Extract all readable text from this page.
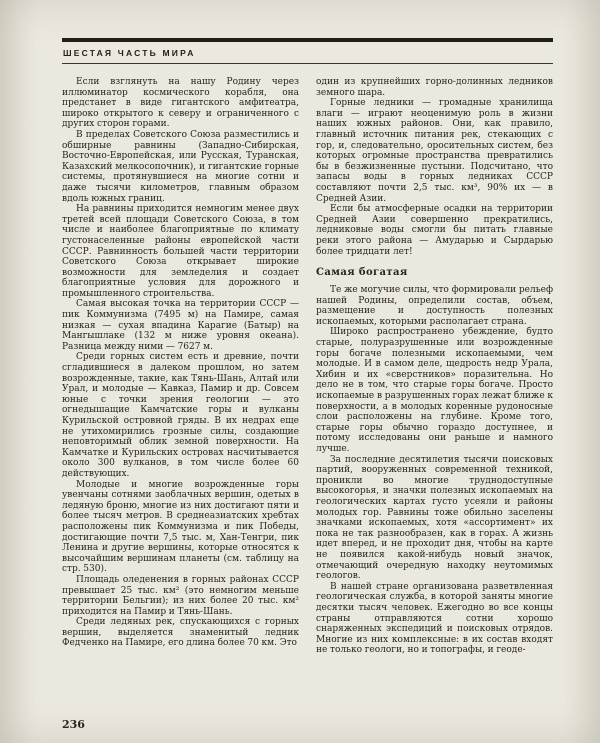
ШЕСТАЯ ЧАСТЬ МИРА

Если взглянуть на нашу Родину через иллюминатор космического корабля, она предстанет в виде гигантского амфитеатра, широко открытого к северу и ограниченного с других сторон горами.

В пределах Советского Союза разместились и обширные равнины (Западно-Сибирская, Восточно-Европейская, или Русская, Туранская, Казахский мелкосопочник), и гигантские горные системы, протянувшиеся на многие сотни и даже тысячи километров, главным образом вдоль южных границ.

На равнины приходится немногим менее двух третей всей площади Советского Союза, в том числе и наиболее благоприятные по климату густонаселенные районы европейской части СССР. Равнинность большей части территории Советского Союза открывает широкие возможности для земледелия и создает благоприятные условия для дорожного и промышленного строительства.

Самая высокая точка на территории СССР — пик Коммунизма (7495 м) на Памире, самая низкая — сухая впадина Карагие (Батыр) на Мангышлаке (132 м ниже уровня океана). Разница между ними — 7627 м.

Среди горных систем есть и древние, почти сгладившиеся в далеком прошлом, но затем возрожденные, такие, как Тянь-Шань, Алтай или Урал, и молодые — Кавказ, Памир и др. Совсем юные с точки зрения геологии — это огнедышащие Камчатские горы и вулканы Курильской островной гряды. В их недрах еще не утихомирились грозные силы, создающие неповторимый облик земной поверхности. На Камчатке и Курильских островах насчитывается около 300 вулканов, в том числе более 60 действующих.

Молодые и многие возрожденные горы увенчаны сотнями заоблачных вершин, одетых в ледяную броню, многие из них достигают пяти и более тысяч метров. В среднеазиатских хребтах расположены пик Коммунизма и пик Победы, достигающие почти 7,5 тыс. м, Хан-Тенгри, пик Ленина и другие вершины, которые относятся к высочайшим вершинам планеты (см. таблицу на стр. 530).

Площадь оледенения в горных районах СССР превышает 25 тыс. км² (это немногим меньше территории Бельгии); из них более 20 тыс. км² приходится на Памир и Тянь-Шань.

Среди ледяных рек, спускающихся с горных вершин, выделяется знаменитый ледник Федченко на Памире, его длина более 70 км. Это

один из крупнейших горно-долинных ледников земного шара.

Горные ледники — громадные хранилища влаги — играют неоценимую роль в жизни наших южных районов. Они, как правило, главный источник питания рек, стекающих с гор, и, следовательно, оросительных систем, без которых огромные пространства превратились бы в безжизненные пустыни. Подсчитано, что запасы воды в горных ледниках СССР составляют почти 2,5 тыс. км³, 90% их — в Средней Азии.

Если бы атмосферные осадки на территории Средней Азии совершенно прекратились, ледниковые воды смогли бы питать главные реки этого района — Амударью и Сырдарью более тридцати лет!

Самая богатая

Те же могучие силы, что формировали рельеф нашей Родины, определили состав, объем, размещение и доступность полезных ископаемых, которыми располагает страна.

Широко распространено убеждение, будто старые, полуразрушенные или возрожденные горы богаче полезными ископаемыми, чем молодые. И в самом деле, щедрость недр Урала, Хибин и их «сверстников» поразительна. Но дело не в том, что старые горы богаче. Просто ископаемые в разрушенных горах лежат ближе к поверхности, а в молодых коренные рудоносные слои расположены на глубине. Кроме того, старые горы обычно гораздо доступнее, и потому исследованы они раньше и намного лучше.

За последние десятилетия тысячи поисковых партий, вооруженных современной техникой, проникли во многие труднодоступные высокогорья, и значки полезных ископаемых на геологических картах густо усеяли и районы молодых гор. Равнины тоже обильно заселены значками ископаемых, хотя «ассортимент» их пока не так разнообразен, как в горах. А жизнь идет вперед, и не проходит дня, чтобы на карте не появился какой-нибудь новый значок, отмечающий очередную находку неутомимых геологов.

В нашей стране организована разветвленная геологическая служба, в которой заняты многие десятки тысяч человек. Ежегодно во все концы страны отправляются сотни хорошо снаряженных экспедиций и поисковых отрядов. Многие из них комплексные: в их состав входят не только геологи, но и топографы, и геоде-

236
